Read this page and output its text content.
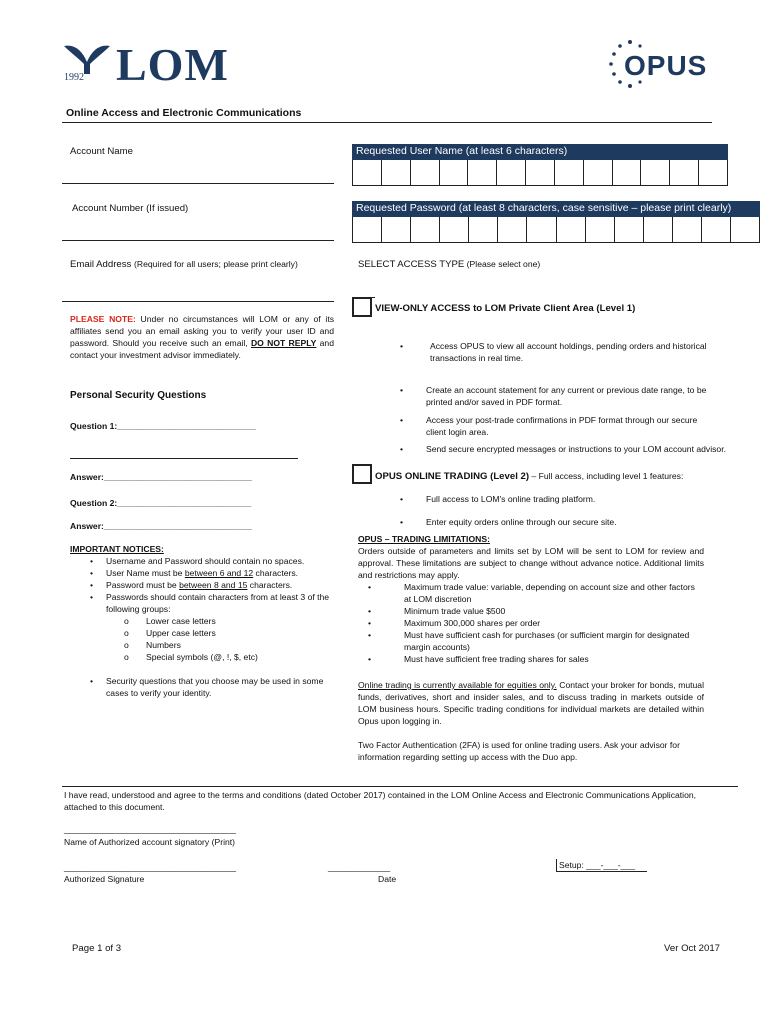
1992 LOM	OPUS
Online Access and Electronic Communications
Account Name
Account Number (If issued)
Email Address (Required for all users; please print clearly)
PLEASE NOTE: Under no circumstances will LOM or any of its affiliates send you an email asking you to verify your user ID and password. Should you receive such an email, DO NOT REPLY and contact your investment advisor immediately.
Personal Security Questions
Question 1:_____________________________
Answer:_______________________________
Question 2:____________________________
Answer:_______________________________
IMPORTANT NOTICES:
• Username and Password should contain no spaces.
• User Name must be between 6 and 12 characters.
• Password must be between 8 and 15 characters.
• Passwords should contain characters from at least 3 of the following groups:
o Lower case letters
o Upper case letters
o Numbers
o Special symbols (@, !, $, etc)
• Security questions that you choose may be used in some cases to verify your identity.
Requested User Name (at least 6 characters)
Requested Password (at least 8 characters, case sensitive – please print clearly)
SELECT ACCESS TYPE (Please select one)
VIEW-ONLY ACCESS to LOM Private Client Area (Level 1)
•	Access OPUS to view all account holdings, pending orders and historical transactions in real time.
•	Create an account statement for any current or previous date range, to be printed and/or saved in PDF format.
•	Access your post-trade confirmations in PDF format through our secure client login area.
•	Send secure encrypted messages or instructions to your LOM account advisor.
OPUS ONLINE TRADING (Level 2) – Full access, including level 1 features:
•	Full access to LOM's online trading platform.
•	Enter equity orders online through our secure site.
OPUS – TRADING LIMITATIONS:
Orders outside of parameters and limits set by LOM will be sent to LOM for review and approval. These limitations are subject to change without advance notice. Additional limits and restrictions may apply.
• Maximum trade value: variable, depending on account size and other factors at LOM discretion
• Minimum trade value $500
• Maximum 300,000 shares per order
• Must have sufficient cash for purchases (or sufficient margin for designated margin accounts)
• Must have sufficient free trading shares for sales
Online trading is currently available for equities only. Contact your broker for bonds, mutual funds, derivatives, short and insider sales, and to discuss trading in markets outside of LOM business hours. Specific trading conditions for individual markets are detailed within Opus upon logging in.
Two Factor Authentication (2FA) is used for online trading users. Ask your advisor for information regarding setting up access with the Duo app.
I have read, understood and agree to the terms and conditions (dated October 2017) contained in the LOM Online Access and Electronic Communications Application, attached to this document.
____________________________________
Name of Authorized account signatory (Print)
____________________________________	_____________	Setup: ___-___-___
Authorized Signature	Date
Page 1 of 3	Ver Oct 2017
